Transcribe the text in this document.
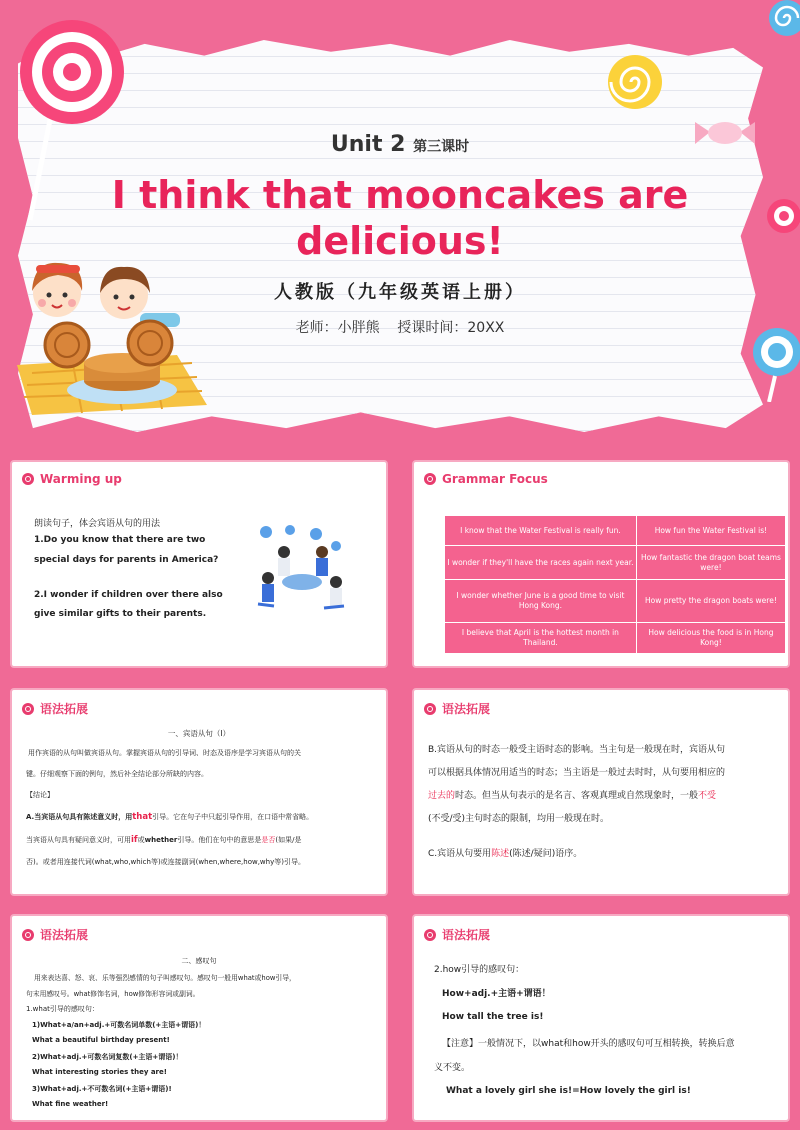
Unit 2 第三课时
I think that mooncakes are
delicious!
人教版（九年级英语上册）
老师：小胖熊    授课时间：20XX
Warming up
朗读句子，体会宾语从句的用法
1.Do you know that there are two
special days for parents in America?
2.I wonder if children over there also
give similar gifts to their parents.
Grammar Focus
I know that the Water Festival is really fun.	How fun the Water Festival is!
I wonder if they'll have the races again next year.	How fantastic the dragon boat teams were!
I wonder whether June is a good time to visit Hong Kong.	How pretty the dragon boats were!
I believe that April is the hottest month in Thailand.	How delicious the food is in Hong Kong!
语法拓展
一、宾语从句（Ⅰ）
用作宾语的从句叫做宾语从句。掌握宾语从句的引导词、时态及语序是学习宾语从句的关
键。仔细观察下面的例句，然后补全结论部分所缺的内容。
【结论】
A.当宾语从句具有陈述意义时，用that引导。它在句子中只起引导作用，在口语中常省略。
当宾语从句具有疑问意义时，可用if或whether引导。他们在句中的意思是是否(如果/是
否)。或者用连接代词(what,who,which等)或连接副词(when,where,how,why等)引导。
语法拓展
B.宾语从句的时态一般受主语时态的影响。当主句是一般现在时，宾语从句
可以根据具体情况用适当的时态；当主语是一般过去时时，从句要用相应的
过去的时态。但当从句表示的是名言、客观真理或自然现象时，一般不受
(不受/受)主句时态的限制，均用一般现在时。
C.宾语从句要用陈述(陈述/疑问)语序。
语法拓展
二、感叹句
用来表达喜、怒、哀、乐等强烈感情的句子叫感叹句。感叹句一般用what或how引导，
句末用感叹号。what修饰名词，how修饰形容词或副词。
1.what引导的感叹句：
1)What+a/an+adj.+可数名词单数(+主语+谓语)！
What a beautiful birthday present!
2)What+adj.+可数名词复数(+主语+谓语)！
What interesting stories they are!
3)What+adj.+不可数名词(+主语+谓语)!
What fine weather!
语法拓展
2.how引导的感叹句：
How+adj.+主语+谓语！
How tall the tree is!
【注意】一般情况下，以what和how开头的感叹句可互相转换，转换后意
义不变。
What a lovely girl she is!=How lovely the girl is!
